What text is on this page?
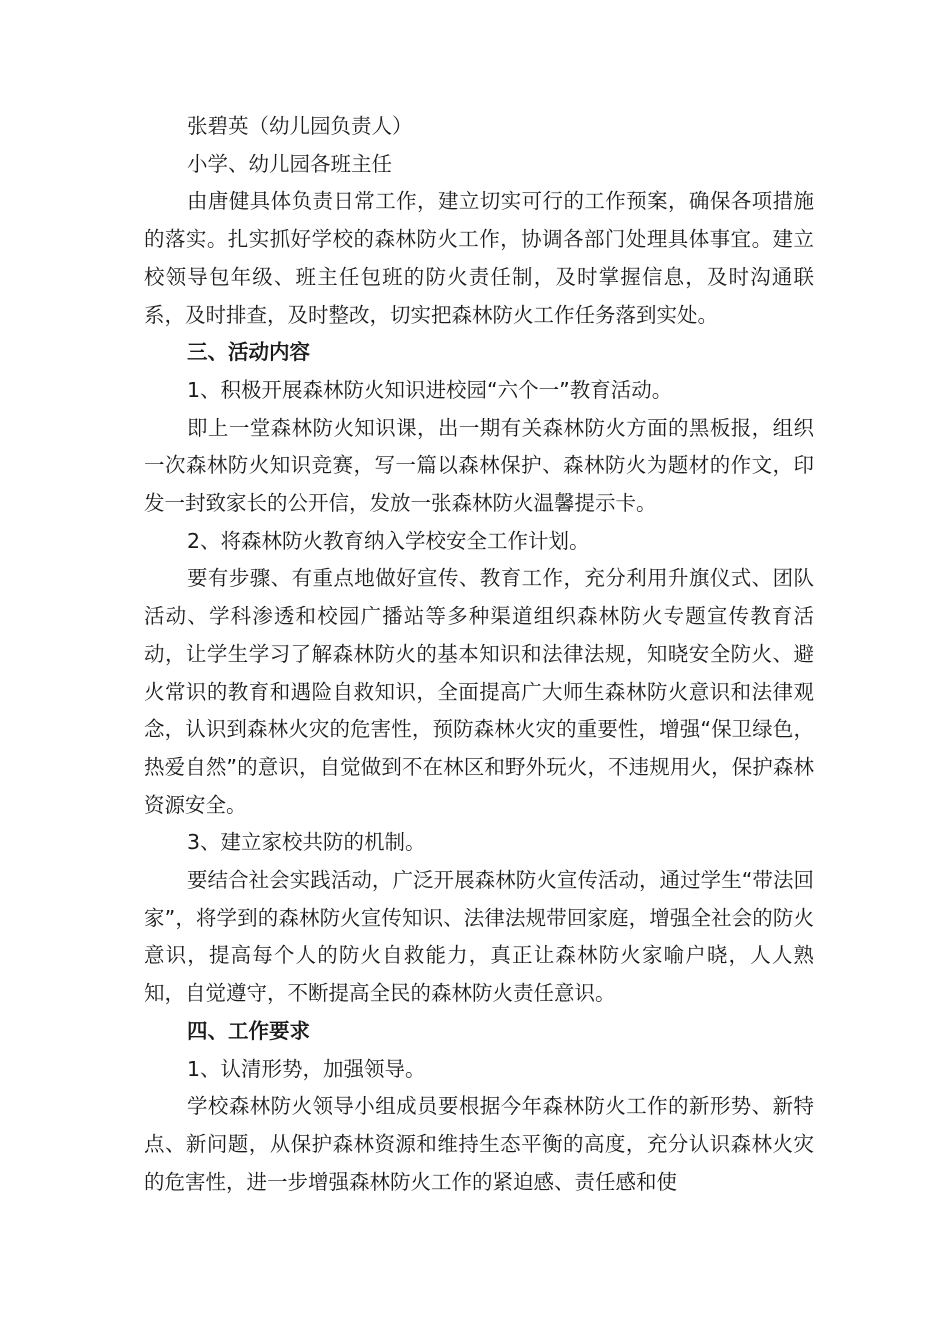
张碧英（幼儿园负责人）

小学、幼儿园各班主任

由唐健具体负责日常工作，建立切实可行的工作预案，确保各项措施的落实。扎实抓好学校的森林防火工作，协调各部门处理具体事宜。建立校领导包年级、班主任包班的防火责任制，及时掌握信息，及时沟通联系，及时排查，及时整改，切实把森林防火工作任务落到实处。

三、活动内容

1、积极开展森林防火知识进校园“六个一”教育活动。

即上一堂森林防火知识课，出一期有关森林防火方面的黑板报，组织一次森林防火知识竞赛，写一篇以森林保护、森林防火为题材的作文，印发一封致家长的公开信，发放一张森林防火温馨提示卡。

2、将森林防火教育纳入学校安全工作计划。

要有步骤、有重点地做好宣传、教育工作，充分利用升旗仪式、团队活动、学科渗透和校园广播站等多种渠道组织森林防火专题宣传教育活动，让学生学习了解森林防火的基本知识和法律法规，知晓安全防火、避火常识的教育和遇险自救知识，全面提高广大师生森林防火意识和法律观念，认识到森林火灾的危害性，预防森林火灾的重要性，增强“保卫绿色，热爱自然”的意识，自觉做到不在林区和野外玩火，不违规用火，保护森林资源安全。

3、建立家校共防的机制。

要结合社会实践活动，广泛开展森林防火宣传活动，通过学生“带法回家”，将学到的森林防火宣传知识、法律法规带回家庭，增强全社会的防火意识，提高每个人的防火自救能力，真正让森林防火家喻户晓，人人熟知，自觉遵守，不断提高全民的森林防火责任意识。

四、工作要求

1、认清形势，加强领导。

学校森林防火领导小组成员要根据今年森林防火工作的新形势、新特点、新问题，从保护森林资源和维持生态平衡的高度，充分认识森林火灾的危害性，进一步增强森林防火工作的紧迫感、责任感和使
